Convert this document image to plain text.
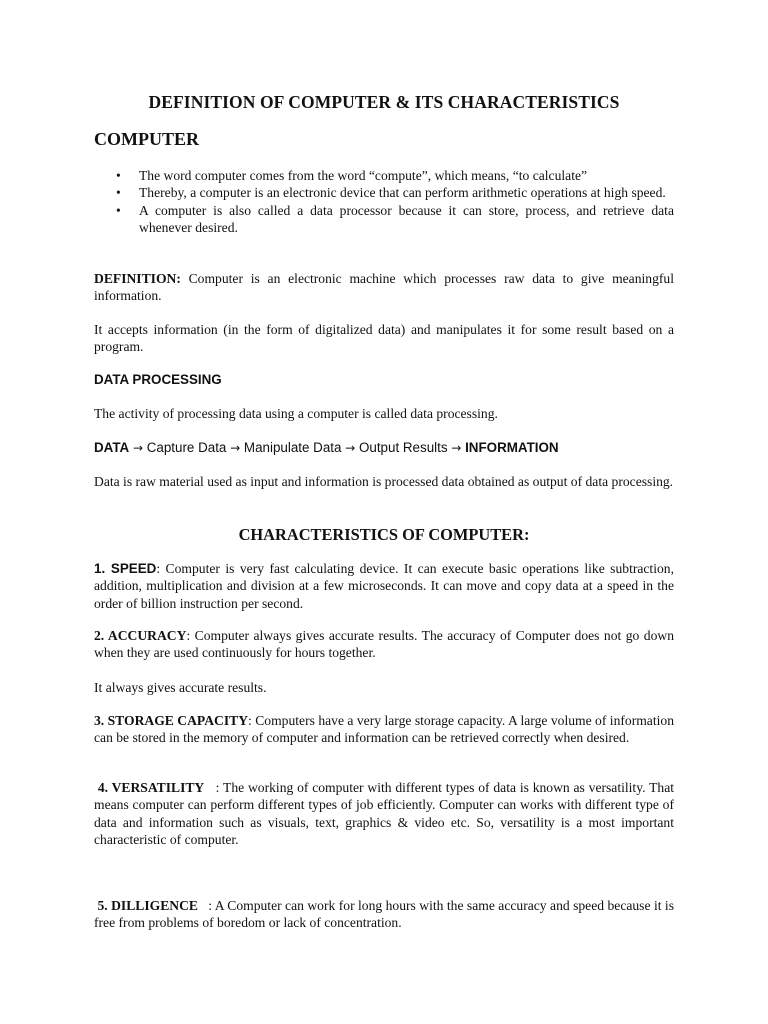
DEFINITION OF COMPUTER & ITS CHARACTERISTICS
COMPUTER
• The word computer comes from the word “compute”, which means, “to calculate”
• Thereby, a computer is an electronic device that can perform arithmetic operations at high speed.
• A computer is also called a data processor because it can store, process, and retrieve data whenever desired.
DEFINITION: Computer is an electronic machine which processes raw data to give meaningful information.
It accepts information (in the form of digitalized data) and manipulates it for some result based on a program.
DATA PROCESSING
The activity of processing data using a computer is called data processing.
DATA → Capture Data → Manipulate Data → Output Results → INFORMATION
Data is raw material used as input and information is processed data obtained as output of data processing.
CHARACTERISTICS OF COMPUTER:
1. SPEED: Computer is very fast calculating device. It can execute basic operations like subtraction, addition, multiplication and division at a few microseconds. It can move and copy data at a speed in the order of billion instruction per second.
2. ACCURACY: Computer always gives accurate results. The accuracy of Computer does not go down when they are used continuously for hours together.
It always gives accurate results.
3. STORAGE CAPACITY: Computers have a very large storage capacity. A large volume of information can be stored in the memory of computer and information can be retrieved correctly when desired.
4. VERSATILITY   : The working of computer with different types of data is known as versatility. That means computer can perform different types of job efficiently. Computer can works with different type of data and information such as visuals, text, graphics & video etc. So, versatility is a most important characteristic of computer.
5. DILLIGENCE   : A Computer can work for long hours with the same accuracy and speed because it is free from problems of boredom or lack of concentration.
